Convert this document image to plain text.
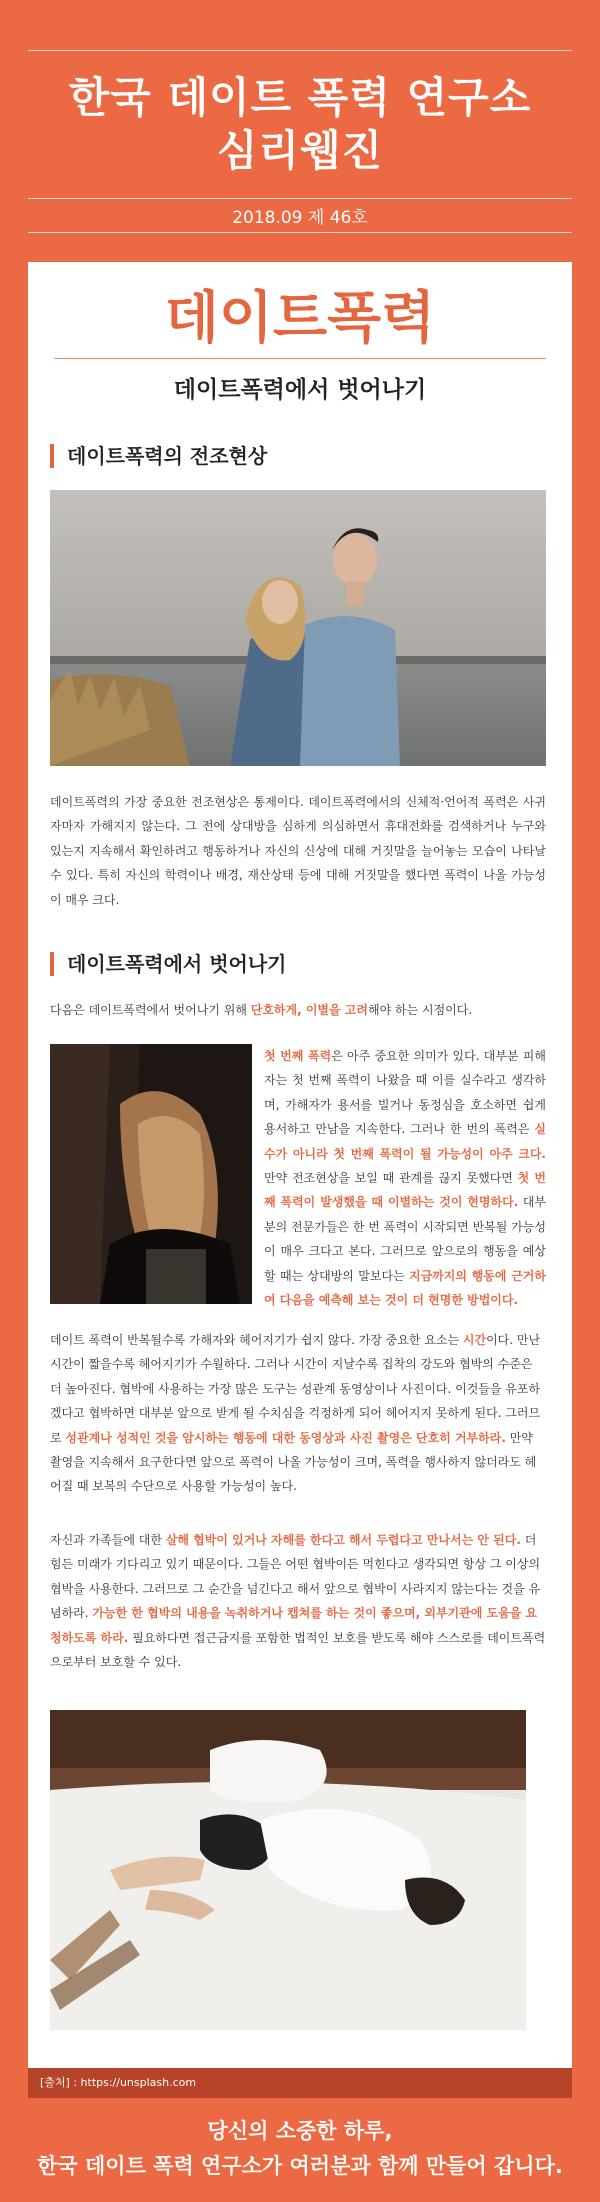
한국 데이트 폭력 연구소
심리웹진
2018.09 제 46호
데이트폭력
데이트폭력에서 벗어나기
데이트폭력의 전조현상
데이트폭력의 가장 중요한 전조현상은 통제이다. 데이트폭력에서의 신체적·언어적 폭력은 사귀자마자 가해지지 않는다. 그 전에 상대방을 심하게 의심하면서 휴대전화를 검색하거나 누구와 있는지 지속해서 확인하려고 행동하거나 자신의 신상에 대해 거짓말을 늘어놓는 모습이 나타날 수 있다. 특히 자신의 학력이나 배경, 재산상태 등에 대해 거짓말을 했다면 폭력이 나올 가능성이 매우 크다.
데이트폭력에서 벗어나기
다음은 데이트폭력에서 벗어나기 위해 단호하게, 이별을 고려해야 하는 시점이다.
첫 번째 폭력은 아주 중요한 의미가 있다. 대부분 피해자는 첫 번째 폭력이 나왔을 때 이를 실수라고 생각하며, 가해자가 용서를 빌거나 동정심을 호소하면 쉽게 용서하고 만남을 지속한다. 그러나 한 번의 폭력은 실수가 아니라 첫 번째 폭력이 될 가능성이 아주 크다. 만약 전조현상을 보일 때 관계를 끊지 못했다면 첫 번째 폭력이 발생했을 때 이별하는 것이 현명하다. 대부분의 전문가들은 한 번 폭력이 시작되면 반복될 가능성이 매우 크다고 본다. 그러므로 앞으로의 행동을 예상할 때는 상대방의 말보다는 지금까지의 행동에 근거하여 다음을 예측해 보는 것이 더 현명한 방법이다.
데이트 폭력이 반복될수록 가해자와 헤어지기가 쉽지 않다. 가장 중요한 요소는 시간이다. 만난 시간이 짧을수록 헤어지기가 수월하다. 그러나 시간이 지날수록 집착의 강도와 협박의 수준은 더 높아진다. 협박에 사용하는 가장 많은 도구는 성관계 동영상이나 사진이다. 이것들을 유포하겠다고 협박하면 대부분 앞으로 받게 될 수치심을 걱정하게 되어 헤어지지 못하게 된다. 그러므로 성관계나 성적인 것을 암시하는 행동에 대한 동영상과 사진 촬영은 단호히 거부하라. 만약 촬영을 지속해서 요구한다면 앞으로 폭력이 나올 가능성이 크며, 폭력을 행사하지 않더라도 헤어질 때 보복의 수단으로 사용할 가능성이 높다.
자신과 가족들에 대한 살해 협박이 있거나 자해를 한다고 해서 두렵다고 만나서는 안 된다. 더 힘든 미래가 기다리고 있기 때문이다. 그들은 어떤 협박이든 먹힌다고 생각되면 항상 그 이상의 협박을 사용한다. 그러므로 그 순간을 넘긴다고 해서 앞으로 협박이 사라지지 않는다는 것을 유념하라. 가능한 한 협박의 내용을 녹취하거나 캡쳐를 하는 것이 좋으며, 외부기관에 도움을 요청하도록 하라. 필요하다면 접근금지를 포함한 법적인 보호를 받도록 해야 스스로를 데이트폭력으로부터 보호할 수 있다.
[출처] : https://unsplash.com
당신의 소중한 하루,
한국 데이트 폭력 연구소가 여러분과 함께 만들어 갑니다.
